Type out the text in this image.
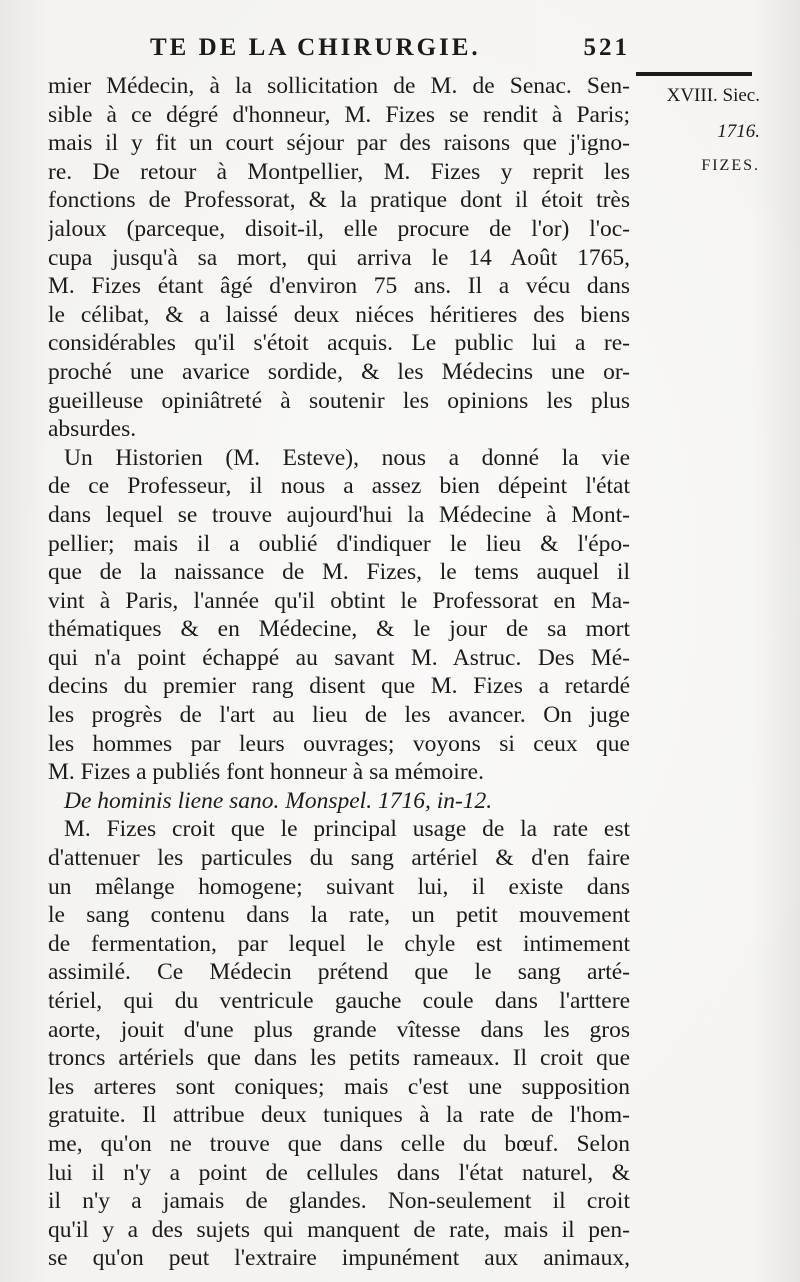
TE DE LA CHIRURGIE.	521
XVIII. Siec.
1716.
FIZES.
mier Médecin, à la sollicitation de M. de Senac. Sen-
sible à ce dégré d'honneur, M. Fizes se rendit à Paris;
mais il y fit un court séjour par des raisons que j'igno-
re. De retour à Montpellier, M. Fizes y reprit les
fonctions de Professorat, & la pratique dont il étoit très
jaloux (parceque, disoit-il, elle procure de l'or) l'oc-
cupa jusqu'à sa mort, qui arriva le 14 Août 1765,
M. Fizes étant âgé d'environ 75 ans. Il a vécu dans
le célibat, & a laissé deux niéces héritieres des biens
considérables qu'il s'étoit acquis. Le public lui a re-
proché une avarice sordide, & les Médecins une or-
gueilleuse opiniâtreté à soutenir les opinions les plus
absurdes.
Un Historien (M. Esteve), nous a donné la vie
de ce Professeur, il nous a assez bien dépeint l'état
dans lequel se trouve aujourd'hui la Médecine à Mont-
pellier; mais il a oublié d'indiquer le lieu & l'épo-
que de la naissance de M. Fizes, le tems auquel il
vint à Paris, l'année qu'il obtint le Professorat en Ma-
thématiques & en Médecine, & le jour de sa mort
qui n'a point échappé au savant M. Astruc. Des Mé-
decins du premier rang disent que M. Fizes a retardé
les progrès de l'art au lieu de les avancer. On juge
les hommes par leurs ouvrages; voyons si ceux que
M. Fizes a publiés font honneur à sa mémoire.
De hominis liene sano. Monspel. 1716, in-12.
M. Fizes croit que le principal usage de la rate est
d'attenuer les particules du sang artériel & d'en faire
un mêlange homogene; suivant lui, il existe dans
le sang contenu dans la rate, un petit mouvement
de fermentation, par lequel le chyle est intimement
assimilé. Ce Médecin prétend que le sang arté-
tériel, qui du ventricule gauche coule dans l'arttere
aorte, jouit d'une plus grande vîtesse dans les gros
troncs artériels que dans les petits rameaux. Il croit que
les arteres sont coniques; mais c'est une supposition
gratuite. Il attribue deux tuniques à la rate de l'hom-
me, qu'on ne trouve que dans celle du bœuf. Selon
lui il n'y a point de cellules dans l'état naturel, &
il n'y a jamais de glandes. Non-seulement il croit
qu'il y a des sujets qui manquent de rate, mais il pen-
se qu'on peut l'extraire impunément aux animaux,
